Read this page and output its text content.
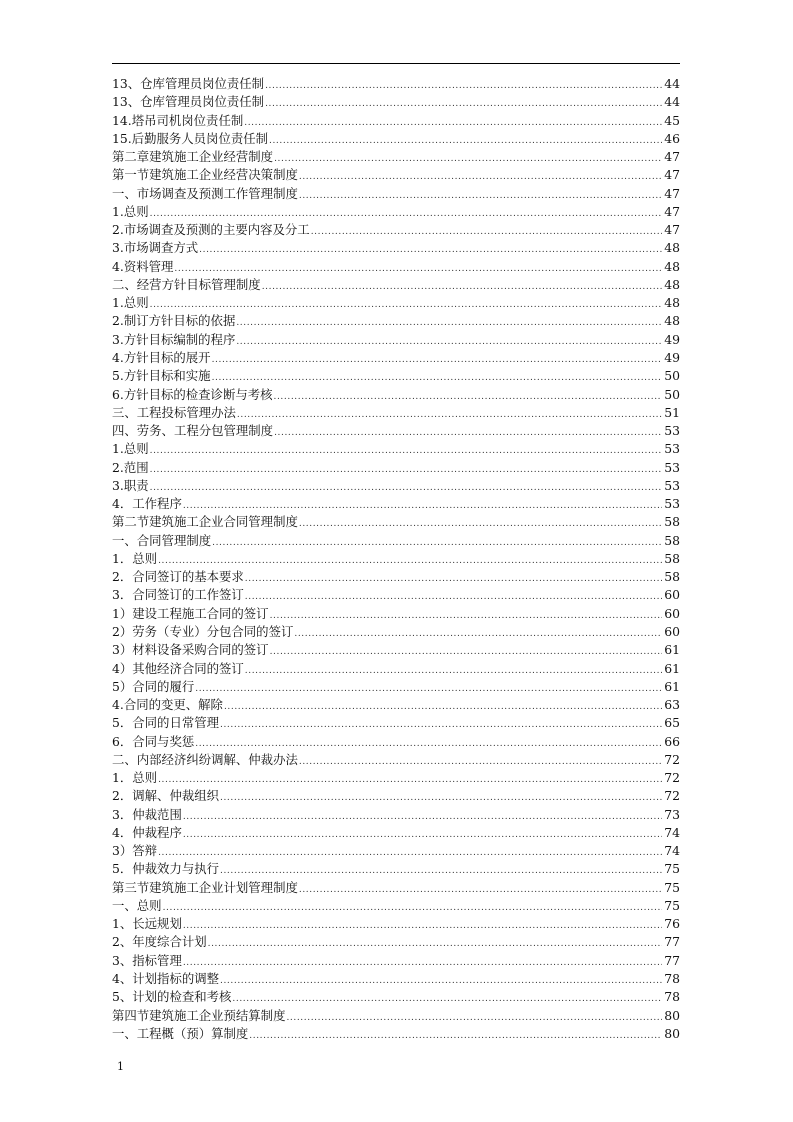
13、仓库管理员岗位责任制 .....	44
13、仓库管理员岗位责任制 .....	44
14.塔吊司机岗位责任制 .....	45
15.后勤服务人员岗位责任制 .....	46
第二章建筑施工企业经营制度 .....	47
第一节建筑施工企业经营决策制度 .....	47
一、市场调查及预测工作管理制度 .....	47
1.总则 .....	47
2.市场调查及预测的主要内容及分工 .....	47
3.市场调查方式 .....	48
4.资料管理 .....	48
二、经营方针目标管理制度 .....	48
1.总则 .....	48
2.制订方针目标的依据 .....	48
3.方针目标编制的程序 .....	49
4.方针目标的展开 .....	49
5.方针目标和实施 .....	50
6.方针目标的检查诊断与考核 .....	50
三、工程投标管理办法 .....	51
四、劳务、工程分包管理制度 .....	53
1.总则 .....	53
2.范围 .....	53
3.职责 .....	53
4．工作程序 .....	53
第二节建筑施工企业合同管理制度 .....	58
一、合同管理制度 .....	58
1．总则 .....	58
2．合同签订的基本要求 .....	58
3．合同签订的工作签订 .....	60
1）建设工程施工合同的签订 .....	60
2）劳务（专业）分包合同的签订 .....	60
3）材料设备采购合同的签订 .....	61
4）其他经济合同的签订 .....	61
5）合同的履行 .....	61
4.合同的变更、解除 .....	63
5．合同的日常管理 .....	65
6．合同与奖惩 .....	66
二、内部经济纠纷调解、仲裁办法 .....	72
1．总则 .....	72
2．调解、仲裁组织 .....	72
3．仲裁范围 .....	73
4．仲裁程序 .....	74
3）答辩 .....	74
5．仲裁效力与执行 .....	75
第三节建筑施工企业计划管理制度 .....	75
一、总则 .....	75
1、长远规划 .....	76
2、年度综合计划 .....	77
3、指标管理 .....	77
4、计划指标的调整 .....	78
5、计划的检查和考核 .....	78
第四节建筑施工企业预结算制度 .....	80
一、工程概（预）算制度 .....	80
1
